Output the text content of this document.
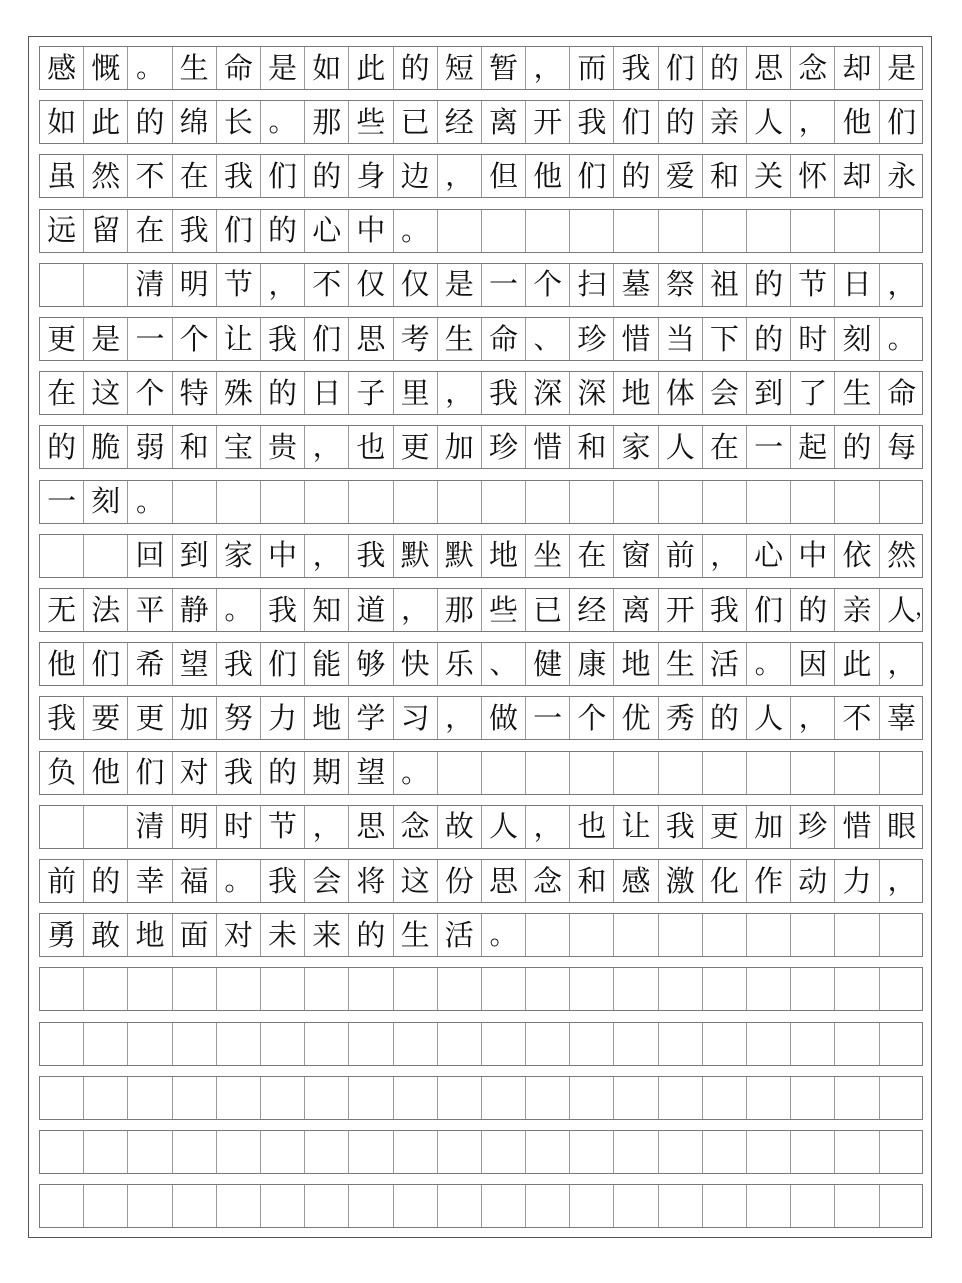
感 慨 。 生 命 是 如 此 的 短 暂 ， 而 我 们 的 思 念 却 是
如 此 的 绵 长 。 那 些 已 经 离 开 我 们 的 亲 人 ， 他 们
虽 然 不 在 我 们 的 身 边 ， 但 他 们 的 爱 和 关 怀 却 永
远 留 在 我 们 的 心 中 。
清 明 节 ， 不 仅 仅 是 一 个 扫 墓 祭 祖 的 节 日 ，
更 是 一 个 让 我 们 思 考 生 命 、 珍 惜 当 下 的 时 刻 。
在 这 个 特 殊 的 日 子 里 ， 我 深 深 地 体 会 到 了 生 命
的 脆 弱 和 宝 贵 ， 也 更 加 珍 惜 和 家 人 在 一 起 的 每
一 刻 。
回 到 家 中 ， 我 默 默 地 坐 在 窗 前 ， 心 中 依 然
无 法 平 静 。 我 知 道 ， 那 些 已 经 离 开 我 们 的 亲 人
他 们 希 望 我 们 能 够 快 乐 、 健 康 地 生 活 。 因 此 ，
我 要 更 加 努 力 地 学 习 ， 做 一 个 优 秀 的 人 ， 不 辜
负 他 们 对 我 的 期 望 。
清 明 时 节 ， 思 念 故 人 ， 也 让 我 更 加 珍 惜 眼
前 的 幸 福 。 我 会 将 这 份 思 念 和 感 激 化 作 动 力 ，
勇 敢 地 面 对 未 来 的 生 活 。
，
